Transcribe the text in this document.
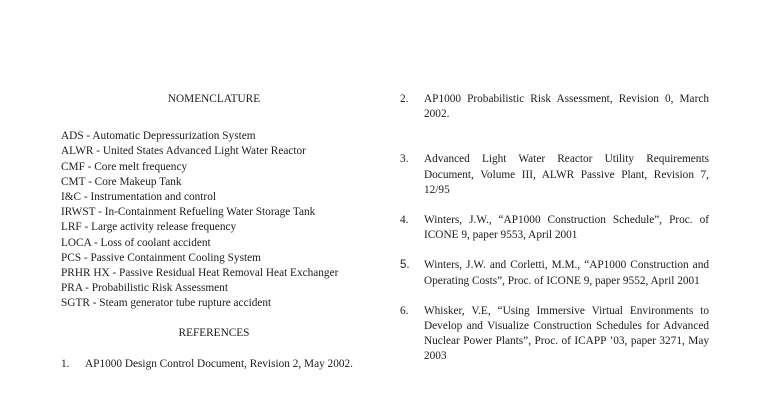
NOMENCLATURE

ADS - Automatic Depressurization System
ALWR - United States Advanced Light Water Reactor
CMF - Core melt frequency
CMT - Core Makeup Tank
I&C - Instrumentation and control
IRWST - In-Containment Refueling Water Storage Tank
LRF - Large activity release frequency
LOCA - Loss of coolant accident
PCS - Passive Containment Cooling System
PRHR HX - Passive Residual Heat Removal Heat Exchanger
PRA - Probabilistic Risk Assessment
SGTR - Steam generator tube rupture accident

REFERENCES

1.	AP1000 Design Control Document, Revision 2, May 2002.
2.	AP1000 Probabilistic Risk Assessment, Revision 0, March 2002.
3.	Advanced Light Water Reactor Utility Requirements Document, Volume III, ALWR Passive Plant, Revision 7, 12/95
4.	Winters, J.W., “AP1000 Construction Schedule”, Proc. of ICONE 9, paper 9553, April 2001
5.	Winters, J.W. and Corletti, M.M., “AP1000 Construction and Operating Costs”, Proc. of ICONE 9, paper 9552, April 2001
6.	Whisker, V.E, “Using Immersive Virtual Environments to Develop and Visualize Construction Schedules for Advanced Nuclear Power Plants”, Proc. of ICAPP ’03, paper 3271, May 2003
